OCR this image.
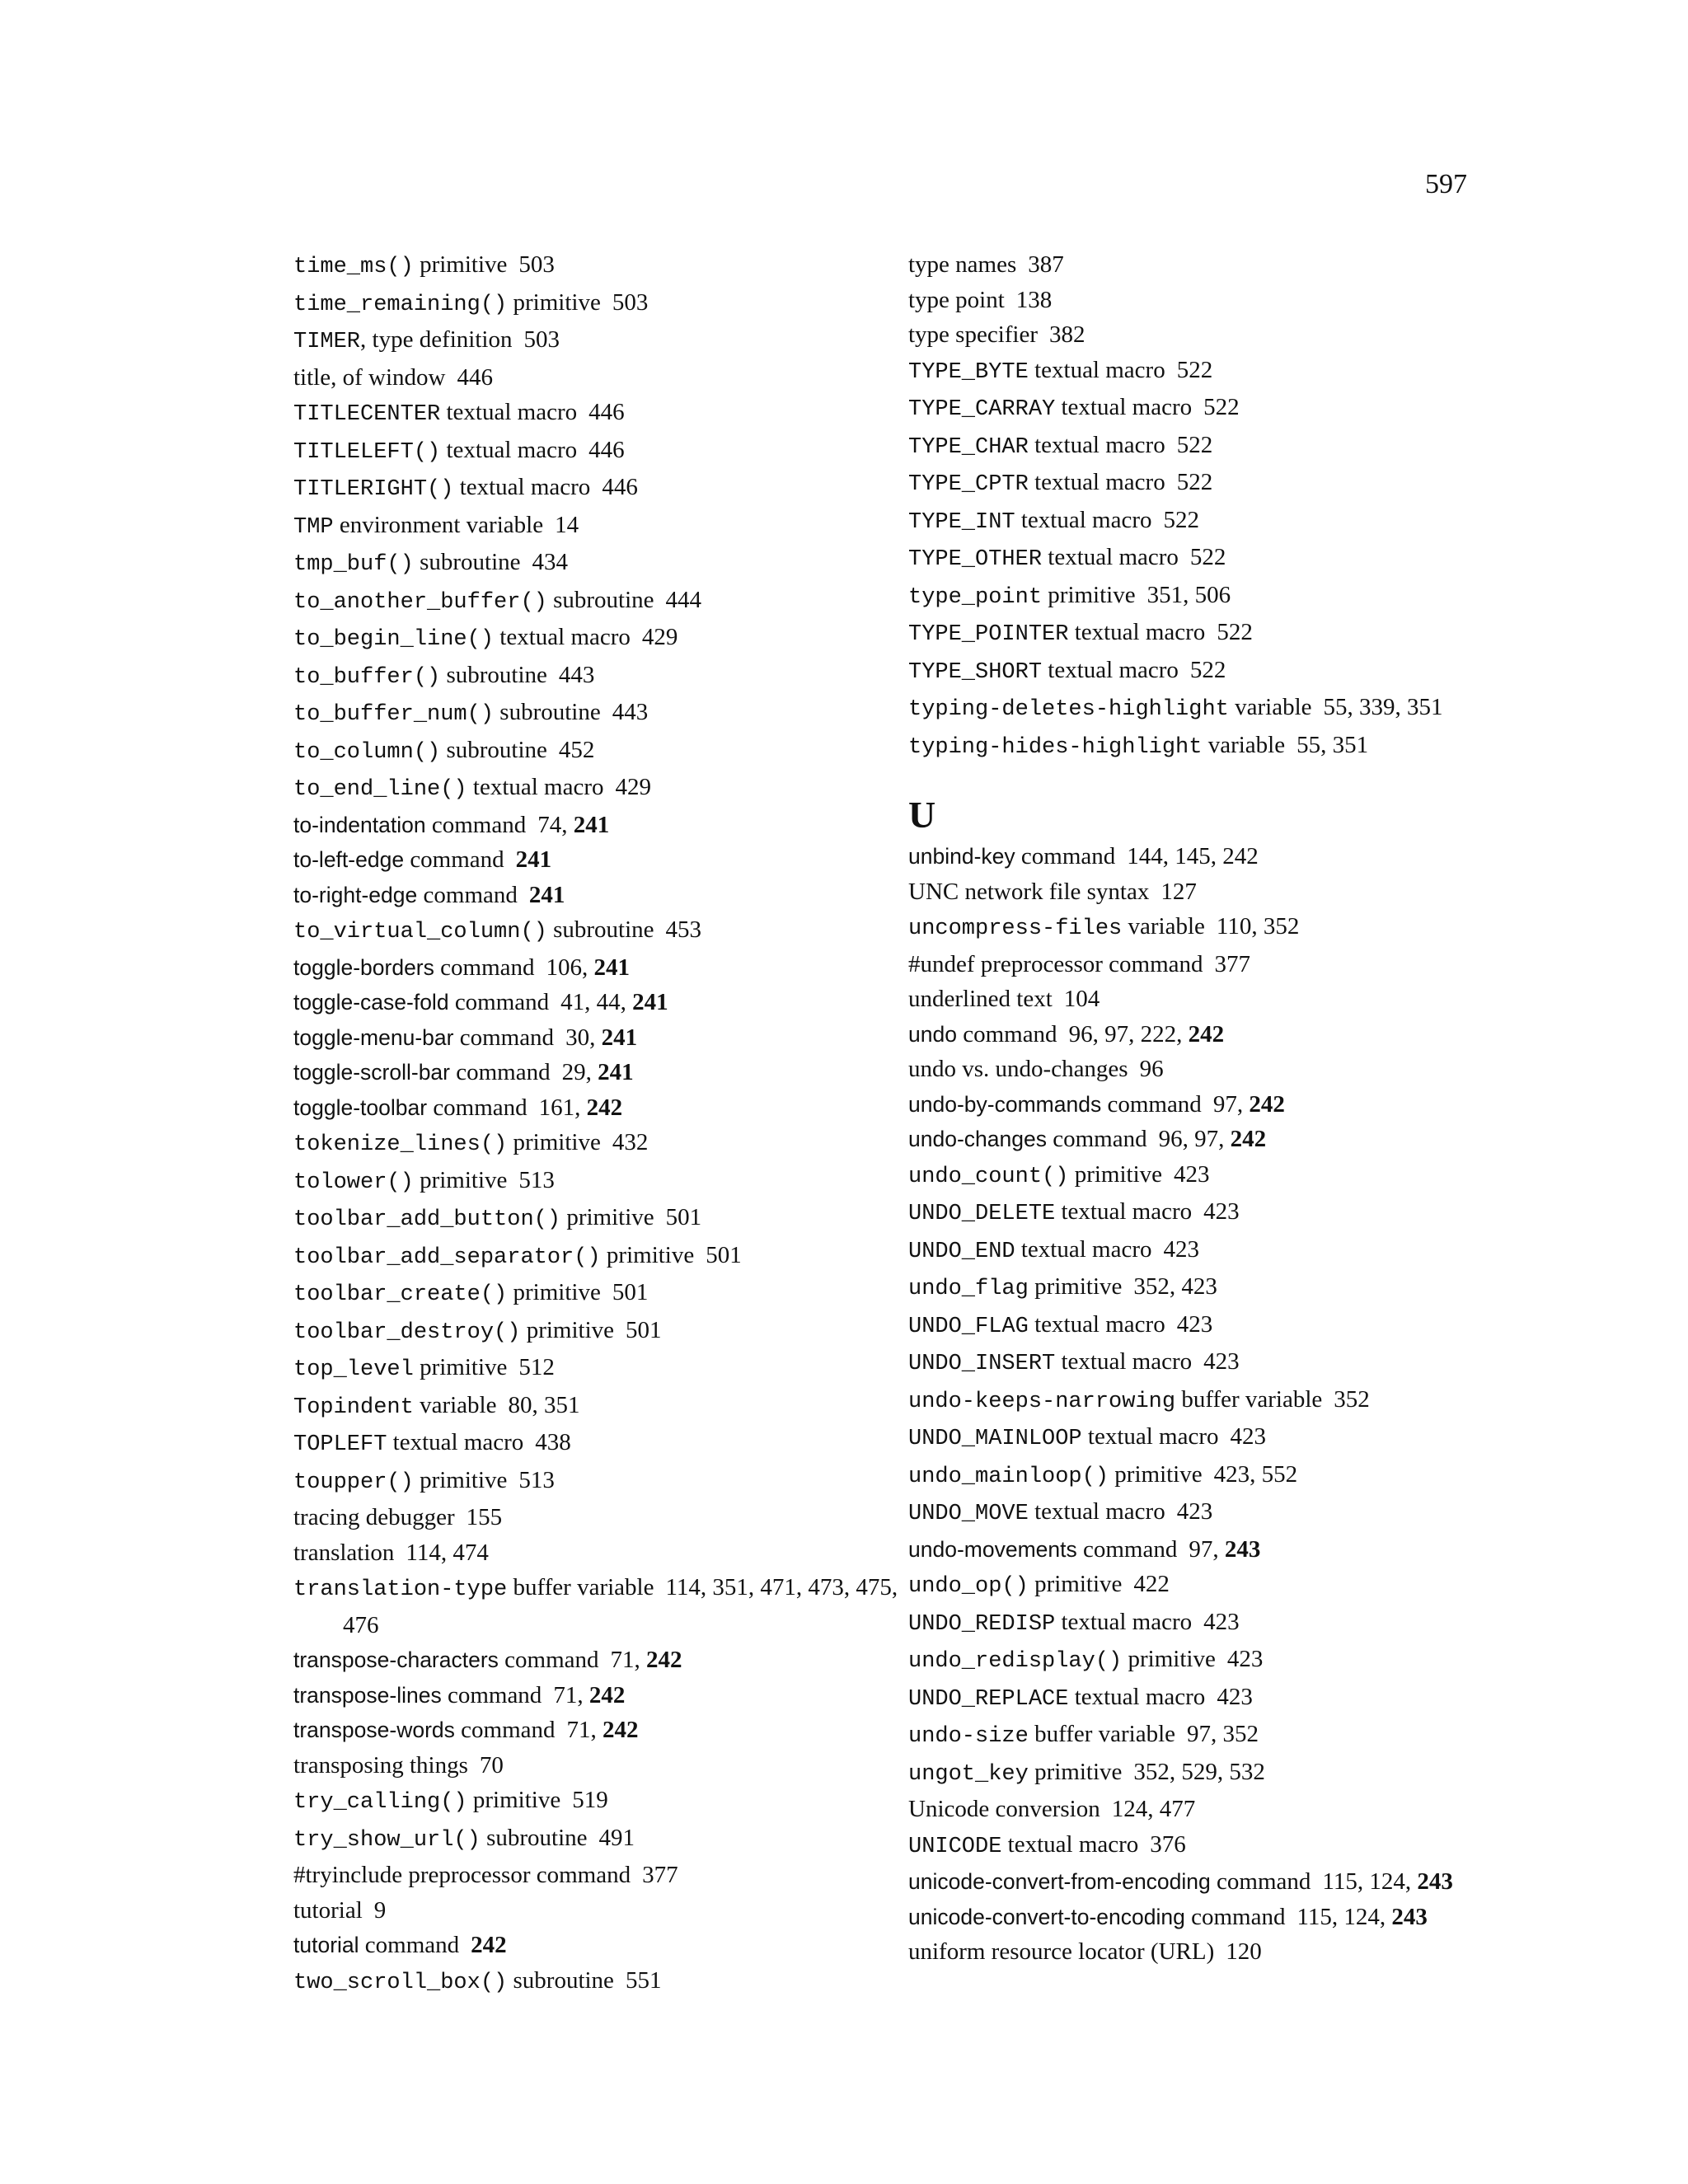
597
time_ms() primitive 503
time_remaining() primitive 503
TIMER, type definition 503
title, of window 446
TITLECENTER textual macro 446
TITLELEFT() textual macro 446
TITLERIGHT() textual macro 446
TMP environment variable 14
tmp_buf() subroutine 434
to_another_buffer() subroutine 444
to_begin_line() textual macro 429
to_buffer() subroutine 443
to_buffer_num() subroutine 443
to_column() subroutine 452
to_end_line() textual macro 429
to-indentation command 74, 241
to-left-edge command 241
to-right-edge command 241
to_virtual_column() subroutine 453
toggle-borders command 106, 241
toggle-case-fold command 41, 44, 241
toggle-menu-bar command 30, 241
toggle-scroll-bar command 29, 241
toggle-toolbar command 161, 242
tokenize_lines() primitive 432
tolower() primitive 513
toolbar_add_button() primitive 501
toolbar_add_separator() primitive 501
toolbar_create() primitive 501
toolbar_destroy() primitive 501
top_level primitive 512
Topindent variable 80, 351
TOPLEFT textual macro 438
toupper() primitive 513
tracing debugger 155
translation 114, 474
translation-type buffer variable 114, 351, 471, 473, 475, 476
transpose-characters command 71, 242
transpose-lines command 71, 242
transpose-words command 71, 242
transposing things 70
try_calling() primitive 519
try_show_url() subroutine 491
#tryinclude preprocessor command 377
tutorial 9
tutorial command 242
two_scroll_box() subroutine 551
type names 387
type point 138
type specifier 382
TYPE_BYTE textual macro 522
TYPE_CARRAY textual macro 522
TYPE_CHAR textual macro 522
TYPE_CPTR textual macro 522
TYPE_INT textual macro 522
TYPE_OTHER textual macro 522
type_point primitive 351, 506
TYPE_POINTER textual macro 522
TYPE_SHORT textual macro 522
typing-deletes-highlight variable 55, 339, 351
typing-hides-highlight variable 55, 351
U
unbind-key command 144, 145, 242
UNC network file syntax 127
uncompress-files variable 110, 352
#undef preprocessor command 377
underlined text 104
undo command 96, 97, 222, 242
undo vs. undo-changes 96
undo-by-commands command 97, 242
undo-changes command 96, 97, 242
undo_count() primitive 423
UNDO_DELETE textual macro 423
UNDO_END textual macro 423
undo_flag primitive 352, 423
UNDO_FLAG textual macro 423
UNDO_INSERT textual macro 423
undo-keeps-narrowing buffer variable 352
UNDO_MAINLOOP textual macro 423
undo_mainloop() primitive 423, 552
UNDO_MOVE textual macro 423
undo-movements command 97, 243
undo_op() primitive 422
UNDO_REDISP textual macro 423
undo_redisplay() primitive 423
UNDO_REPLACE textual macro 423
undo-size buffer variable 97, 352
ungot_key primitive 352, 529, 532
Unicode conversion 124, 477
UNICODE textual macro 376
unicode-convert-from-encoding command 115, 124, 243
unicode-convert-to-encoding command 115, 124, 243
uniform resource locator (URL) 120
